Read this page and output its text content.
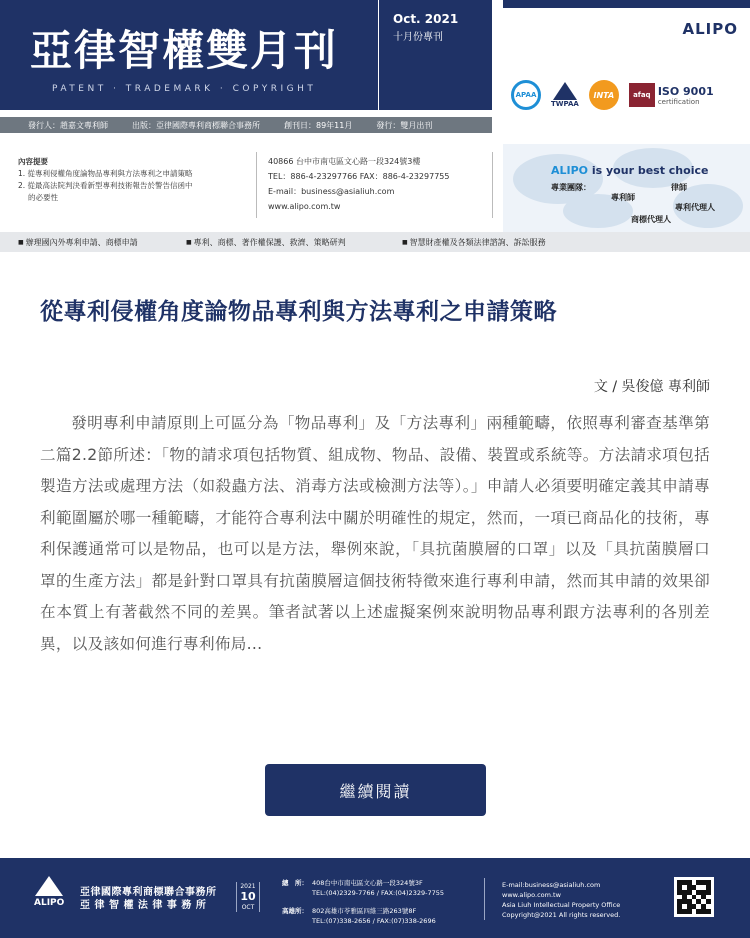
亞律智權雙月刊
PATENT · TRADEMARK · COPYRIGHT
Oct. 2021
十月份專刊	ALIPO
APAA
TWPAA
INTA	afaq ISO 9001
certification
發行人：趙嘉文專利師	出版：亞律國際專利商標聯合事務所	創刊日：89年11月	發行：雙月出刊
內容提要
1. 從專利侵權角度論物品專利與方法專利之申請策略
2. 從最高法院判決看新型專利技術報告於警告信函中
的必要性
40866 台中市南屯區文心路一段324號3樓
TEL：886-4-23297766 FAX：886-4-23297755
E-mail：business@asialiuh.com
www.alipo.com.tw
ALIPO is your best choice
專業團隊：	律師
專利師
專利代理人
商標代理人
■ 辦理國內外專利申請、商標申請	■ 專利、商標、著作權保護、救濟、策略研判	■ 智慧財產權及各類法律諮詢、訴訟服務
從專利侵權角度論物品專利與方法專利之申請策略
文 / 吳俊億 專利師

發明專利申請原則上可區分為「物品專利」及「方法專利」兩種範疇，依照專利審查基準第二篇2.2節所述：「物的請求項包括物質、組成物、物品、設備、裝置或系統等。方法請求項包括製造方法或處理方法（如殺蟲方法、消毒方法或檢測方法等）。」申請人必須要明確定義其申請專利範圍屬於哪一種範疇，才能符合專利法中關於明確性的規定，然而，一項已商品化的技術，專利保護通常可以是物品，也可以是方法，舉例來說，「具抗菌膜層的口罩」以及「具抗菌膜層口罩的生產方法」都是針對口罩具有抗菌膜層這個技術特徵來進行專利申請，然而其申請的效果卻在本質上有著截然不同的差異。筆者試著以上述虛擬案例來說明物品專利跟方法專利的各別差異，以及該如何進行專利佈局...

繼續閱讀
ALIPO
亞律國際專利商標聯合事務所
亞 律 智 權 法 律 事 務 所
2021
10
OCT
總　所： 408台中市南屯區文心路一段324號3F
TEL:(04)2329-7766 / FAX:(04)2329-7755
高雄所： 802高雄市苓雅區四維三路263號8F
TEL:(07)338-2656 / FAX:(07)338-2696
E-mail:business@asialiuh.com
www.alipo.com.tw
Asia Liuh Intellectual Property Office
Copyright@2021 All rights reserved.
